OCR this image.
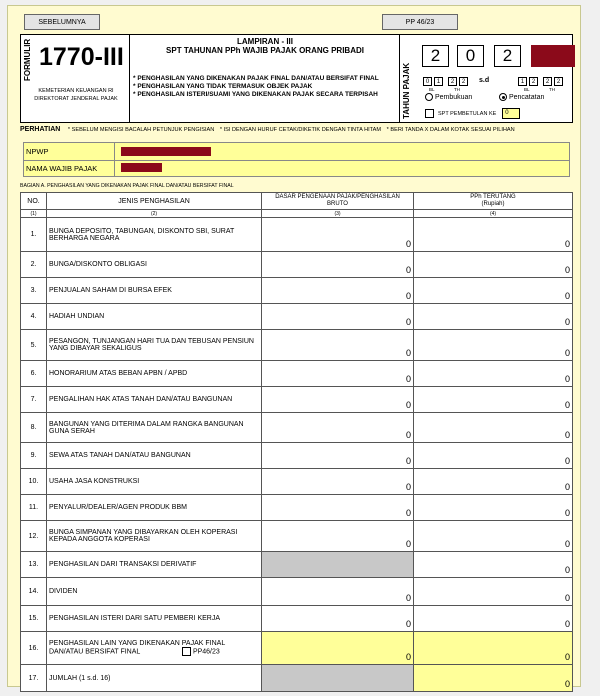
SEBELUMNYA	PP 46/23
FORMULIR 1770-III
KEMETERIAN KEUANGAN RI
DIREKTORAT JENDERAL PAJAK
LAMPIRAN - III
SPT TAHUNAN PPh WAJIB PAJAK ORANG PRIBADI
* PENGHASILAN YANG DIKENAKAN PAJAK FINAL DAN/ATAU BERSIFAT FINAL
* PENGHASILAN YANG TIDAK TERMASUK OBJEK PAJAK
* PENGHASILAN ISTERI/SUAMI YANG DIKENAKAN PAJAK SECARA TERPISAH	TAHUN PAJAK
2	0	2
0	1	2	2	s.d	1	2	2	2
BL	TH	BL	TH
Pembukuan	Pencatatan
SPT PEMBETULAN KE	0
PERHATIAN * SEBELUM MENGISI BACALAH PETUNJUK PENGISIAN * ISI DENGAN HURUF CETAK/DIKETIK DENGAN TINTA HITAM * BERI TANDA X DALAM KOTAK SESUAI PILIHAN
NPWP
NAMA WAJIB PAJAK
BAGIAN A. PENGHASILAN YANG DIKENAKAN PAJAK FINAL DAN/ATAU BERSIFAT FINAL
NO.	JENIS PENGHASILAN	DASAR PENGENAAN PAJAK/PENGHASILAN BRUTO	PPh TERUTANG
(Rupiah)
(1)	(2)	(3)	(4)
1.	BUNGA DEPOSITO, TABUNGAN, DISKONTO SBI, SURAT BERHARGA NEGARA	0	0
2.	BUNGA/DISKONTO OBLIGASI	0	0
3.	PENJUALAN SAHAM DI BURSA EFEK	0	0
4.	HADIAH UNDIAN	0	0
5.	PESANGON, TUNJANGAN HARI TUA DAN TEBUSAN PENSIUN YANG DIBAYAR SEKALIGUS	0	0
6.	HONORARIUM ATAS BEBAN APBN / APBD	0	0
7.	PENGALIHAN HAK ATAS TANAH DAN/ATAU BANGUNAN	0	0
8.	BANGUNAN YANG DITERIMA DALAM RANGKA BANGUNAN GUNA SERAH	0	0
9.	SEWA ATAS TANAH DAN/ATAU BANGUNAN	0	0
10.	USAHA JASA KONSTRUKSI	0	0
11.	PENYALUR/DEALER/AGEN PRODUK BBM	0	0
12.	BUNGA SIMPANAN YANG DIBAYARKAN OLEH KOPERASI KEPADA ANGGOTA KOPERASI	0	0
13.	PENGHASILAN DARI TRANSAKSI DERIVATIF		0
14.	DIVIDEN	0	0
15.	PENGHASILAN ISTERI DARI SATU PEMBERI KERJA	0	0
16.	PENGHASILAN LAIN YANG DIKENAKAN PAJAK FINAL DAN/ATAU BERSIFAT FINAL PP46/23	0	0
17.	JUMLAH (1 s.d. 16)		0
